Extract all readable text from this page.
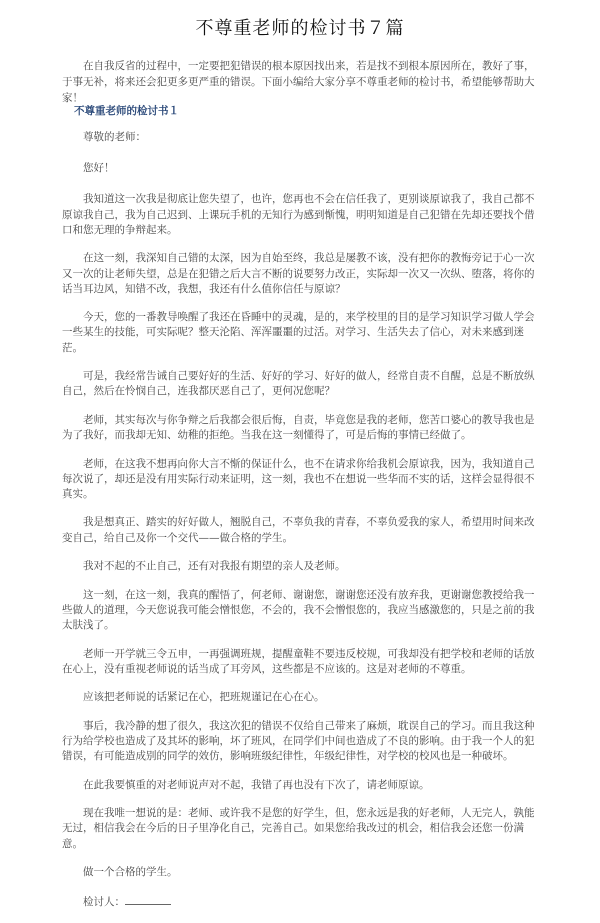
不尊重老师的检讨书７篇

在自我反省的过程中，一定要把犯错误的根本原因找出来，若是找不到根本原因所在，教好了事，于事无补，将来还会犯更多更严重的错误。下面小编给大家分享不尊重老师的检讨书，希望能够帮助大家！

不尊重老师的检讨书１

尊敬的老师：

您好！

我知道这一次我是彻底让您失望了，也许，您再也不会在信任我了，更别谈原谅我了，我自己都不原谅我自己，我为自己迟到、上课玩手机的无知行为感到惭愧，明明知道是自己犯错在先却还要找个借口和您无理的争辩起来。

在这一刻，我深知自己错的太深，因为自始至终，我总是屡教不该，没有把你的教悔旁记于心一次又一次的让老师失望，总是在犯错之后大言不断的说要努力改正，实际却一次又一次纵、堕落，将你的话当耳边风，知错不改，我想，我还有什么值你信任与原谅？

今天，您的一番教导唤醒了我还在昏睡中的灵魂，是的，来学校里的目的是学习知识学习做人学会一些某生的技能，可实际呢？整天沦陷、浑浑噩噩的过活。对学习、生活失去了信心，对未来感到迷茫。

可是，我经常告诫自己要好好的生活、好好的学习、好好的做人，经常自责不自醒，总是不断放纵自己，然后在怜悯自己，连我都厌恶自己了，更何况您呢？

老师，其实每次与你争辩之后我都会很后悔，自责，毕竟您是我的老师，您苦口婆心的教导我也是为了我好，而我却无知、幼稚的拒绝。当我在这一刻懂得了，可是后悔的事情已经做了。

老师，在这我不想再向你大言不惭的保证什么，也不在请求你给我机会原谅我，因为，我知道自己每次说了，却还是没有用实际行动来证明，这一刻，我也不在想说一些华而不实的话，这样会显得很不真实。

我是想真正、踏实的好好做人，翘脱自己，不辜负我的青春，不辜负爱我的家人，希望用时间来改变自己，给自己及你一个交代——做合格的学生。

我对不起的不止自己，还有对我报有期望的亲人及老师。

这一刻，在这一刻，我真的醒悟了，何老师、谢谢您，谢谢您还没有放弃我，更谢谢您教授给我一些做人的道理，今天您说我可能会憎恨您，不会的，我不会憎恨您的，我应当感激您的，只是之前的我太肤浅了。

老师一开学就三令五申，一再强调班规，提醒童鞋不要违反校规，可我却没有把学校和老师的话放在心上，没有重视老师说的话当成了耳旁风，这些都是不应该的。这是对老师的不尊重。

应该把老师说的话紧记在心，把班规谨记在心在心。

事后，我冷静的想了很久，我这次犯的错误不仅给自己带来了麻烦，耽误自己的学习。而且我这种行为给学校也造成了及其坏的影响，坏了班风，在同学们中间也造成了不良的影响。由于我一个人的犯错误，有可能造成别的同学的效仿，影响班级纪律性，年级纪律性，对学校的校风也是一种破坏。

在此我要慎重的对老师说声对不起，我错了再也没有下次了，请老师原谅。

现在我唯一想说的是：老师、或许我不是您的好学生，但，您永远是我的好老师，人无完人，孰能无过，相信我会在今后的日子里净化自己，完善自己。如果您给我改过的机会，相信我会还您一份满意。

做一个合格的学生。

检讨人：
